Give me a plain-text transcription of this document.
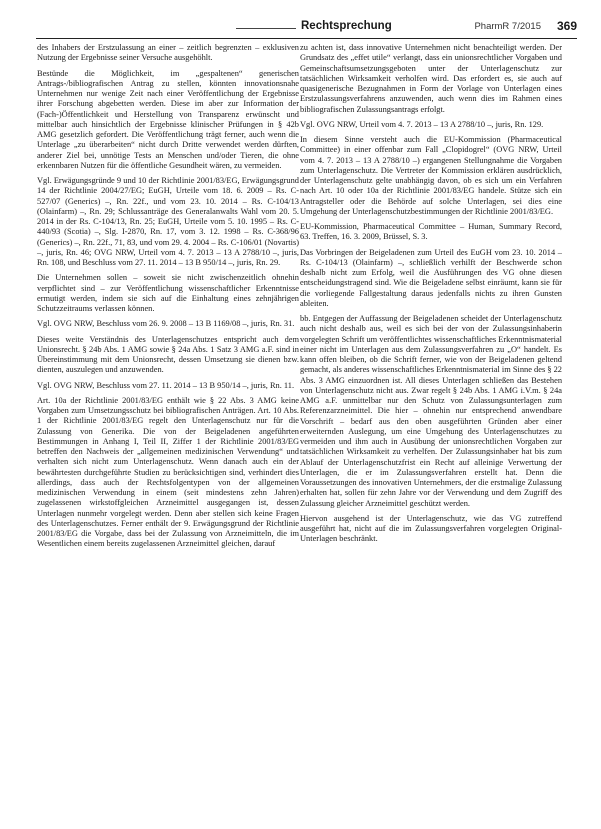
Rechtsprechung	PharmR 7/2015 369

des Inhabers der Erstzulassung an einer – zeitlich begrenzten – exklusiven Nutzung der Ergebnisse seiner Versuche ausgehöhlt.

Bestünde die Möglichkeit, im „gespaltenen“ generischen Antrags-/bibliografischen Antrag zu stellen, könnten innovationsnahe Unternehmen nur wenige Zeit nach einer Veröffentlichung der Ergebnisse ihrer Forschung abgebetten werden. Diese im aber zur Information der (Fach-)Öffentlichkeit und Herstellung von Transparenz erwünscht und mittelbar auch hinsichtlich der Ergebnisse klinischer Prüfungen in § 42b AMG gesetzlich gefordert. Die Veröffentlichung trägt ferner, auch wenn die Unterlage „zu überarbeiten“ nicht durch Dritte verwendet werden dürften, anderer Ziel bei, unnötige Tests an Menschen und/oder Tieren, die ohne erkennbaren Nutzen für die öffentliche Gesundheit wären, zu vermeiden.

Vgl. Erwägungsgründe 9 und 10 der Richtlinie 2001/83/EG, Erwägungsgrund 14 der Richtlinie 2004/27/EG; EuGH, Urteile vom 18. 6. 2009 – Rs. C-527/07 (Generics) –, Rn. 22f., und vom 23. 10. 2014 – Rs. C-104/13 (Olainfarm) –, Rn. 29; Schlussanträge des Generalanwalts Wahl vom 20. 5. 2014 in der Rs. C-104/13, Rn. 25; EuGH, Urteile vom 5. 10. 1995 – Rs. C-440/93 (Scotia) –, Slg. I-2870, Rn. 17, vom 3. 12. 1998 – Rs. C-368/96 (Generics) –, Rn. 22f., 71, 83, und vom 29. 4. 2004 – Rs. C-106/01 (Novartis) –, juris, Rn. 46; OVG NRW, Urteil vom 4. 7. 2013 – 13 A 2788/10 –, juris, Rn. 108, und Beschluss vom 27. 11. 2014 – 13 B 950/14 –, juris, Rn. 29.

Die Unternehmen sollen – soweit sie nicht zwischenzeitlich ohnehin verpflichtet sind – zur Veröffentlichung wissenschaftlicher Erkenntnisse ermutigt werden, indem sie sich auf die Einhaltung eines zehnjährigen Schutzzeitraums verlassen können.

Vgl. OVG NRW, Beschluss vom 26. 9. 2008 – 13 B 1169/08 –, juris, Rn. 31.

Dieses weite Verständnis des Unterlagenschutzes entspricht auch dem Unionsrecht. § 24b Abs. 1 AMG sowie § 24a Abs. 1 Satz 3 AMG a.F. sind in Übereinstimmung mit dem Unionsrecht, dessen Umsetzung sie dienen bzw. dienten, auszulegen und anzuwenden.

Vgl. OVG NRW, Beschluss vom 27. 11. 2014 – 13 B 950/14 –, juris, Rn. 11.

Art. 10a der Richtlinie 2001/83/EG enthält wie § 22 Abs. 3 AMG keine Vorgaben zum Umsetzungsschutz bei bibliografischen Anträgen. Art. 10 Abs. 1 der Richtlinie 2001/83/EG regelt den Unterlagenschutz nur für die Zulassung von Generika. Die von der Beigeladenen angeführten Bestimmungen in Anhang I, Teil II, Ziffer 1 der Richtlinie 2001/83/EG betreffen den Nachweis der „allgemeinen medizinischen Verwendung“ und verhalten sich nicht zum Unterlagenschutz. Wenn danach auch ein der bewährtesten durchgeführte Studien zu berücksichtigen sind, verhindert dies allerdings, dass auch der Rechtsfolgentypen von der allgemeinen medizinischen Verwendung in einem (seit mindestens zehn Jahren) zugelassenen wirkstoffgleichen Arzneimittel ausgegangen ist, dessen Unterlagen nunmehr vorgelegt werden. Denn aber stellen sich keine Fragen des Unterlagenschutzes. Ferner enthält der 9. Erwägungsgrund der Richtlinie 2001/83/EG die Vorgabe, dass bei der Zulassung von Arzneimitteln, die im Wesentlichen einem bereits zugelassenen Arzneimittel gleichen, darauf

zu achten ist, dass innovative Unternehmen nicht benachteiligt werden. Der Grundsatz des „effet utile“ verlangt, dass ein unionsrechtlicher Vorgaben und Gemeinschaftsumsetzungsgeboten unter der Unterlagenschutz zur tatsächlichen Wirksamkeit verholfen wird. Das erfordert es, sie auch auf quasigenerische Bezugnahmen in Form der Vorlage von Unterlagen eines Erstzulassungsverfahrens anzuwenden, auch wenn dies im Rahmen eines bibliografischen Zulassungsantrags erfolgt.

Vgl. OVG NRW, Urteil vom 4. 7. 2013 – 13 A 2788/10 –, juris, Rn. 129.

In diesem Sinne versteht auch die EU-Kommission (Pharmaceutical Committee) in einer offenbar zum Fall „Clopidogrel“ (OVG NRW, Urteil vom 4. 7. 2013 – 13 A 2788/10 –) ergangenen Stellungnahme die Vorgaben zum Unterlagenschutz. Die Vertreter der Kommission erklären ausdrücklich, der Unterlagenschutz gelte unabhängig davon, ob es sich um ein Verfahren nach Art. 10 oder 10a der Richtlinie 2001/83/EG handele. Stütze sich ein Antragsteller oder die Behörde auf solche Unterlagen, sei dies eine Umgehung der Unterlagenschutzbestimmungen der Richtlinie 2001/83/EG.

EU-Kommission, Pharmaceutical Committee – Human, Summary Record, 63. Treffen, 16. 3. 2009, Brüssel, S. 3.

Das Vorbringen der Beigeladenen zum Urteil des EuGH vom 23. 10. 2014 – Rs. C-104/13 (Olainfarm) –, schließlich verhilft der Beschwerde schon deshalb nicht zum Erfolg, weil die Ausführungen des VG ohne diesen entscheidungstragend sind. Wie die Beigeladene selbst einräumt, kann sie für die vorliegende Fallgestaltung daraus jedenfalls nichts zu ihren Gunsten ableiten.

bb. Entgegen der Auffassung der Beigeladenen scheidet der Unterlagenschutz auch nicht deshalb aus, weil es sich bei der von der Zulassungsinhaberin vorgelegten Schrift um veröffentlichtes wissenschaftliches Erkenntnismaterial einer nicht im Unterlagen aus dem Zulassungsverfahren zu „O“ handelt. Es kann offen bleiben, ob die Schrift ferner, wie von der Beigeladenen geltend gemacht, als anderes wissenschaftliches Erkenntnismaterial im Sinne des § 22 Abs. 3 AMG einzuordnen ist. All dieses Unterlagen schließen das Bestehen von Unterlagenschutz nicht aus. Zwar regelt § 24b Abs. 1 AMG i.V.m. § 24a AMG a.F. unmittelbar nur den Schutz von Zulassungsunterlagen zum Referenzarzneimittel. Die hier – ohnehin nur entsprechend anwendbare Vorschrift – bedarf aus den oben ausgeführten Gründen aber einer erweiternden Auslegung, um eine Umgehung des Unterlagenschutzes zu vermeiden und ihm auch in Ausübung der unionsrechtlichen Vorgaben zur tatsächlichen Wirksamkeit zu verhelfen. Der Zulassungsinhaber hat bis zum Ablauf der Unterlagenschutzfrist ein Recht auf alleinige Verwertung der Unterlagen, die er im Zulassungsverfahren erstellt hat. Denn die Voraussetzungen des innovativen Unternehmers, der die erstmalige Zulassung erhalten hat, sollen für zehn Jahre vor der Verwendung und dem Zugriff des Zulassung gleicher Arzneimittel geschützt werden.

Hiervon ausgehend ist der Unterlagenschutz, wie das VG zutreffend ausgeführt hat, nicht auf die im Zulassungsverfahren vorgelegten Original-Unterlagen beschränkt.
